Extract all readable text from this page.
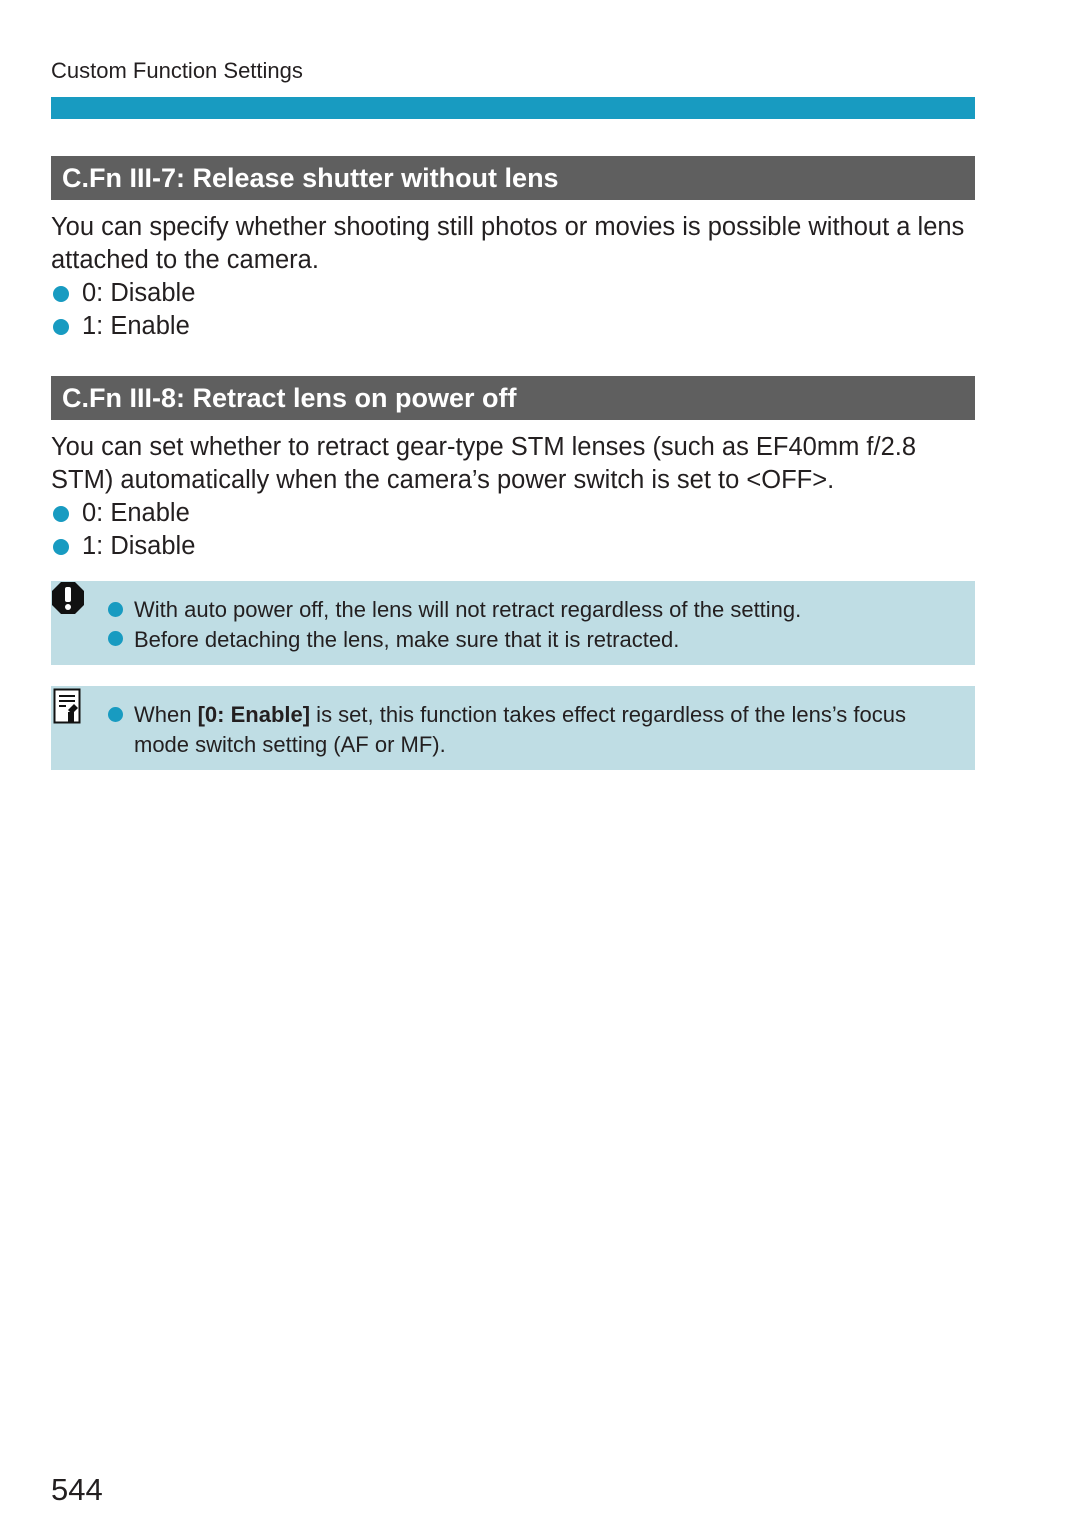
Custom Function Settings
C.Fn III-7: Release shutter without lens
You can specify whether shooting still photos or movies is possible without a lens attached to the camera.
0: Disable
1: Enable
C.Fn III-8: Retract lens on power off
You can set whether to retract gear-type STM lenses (such as EF40mm f/2.8 STM) automatically when the camera’s power switch is set to <OFF>.
0: Enable
1: Disable
With auto power off, the lens will not retract regardless of the setting.
Before detaching the lens, make sure that it is retracted.
When [0: Enable] is set, this function takes effect regardless of the lens’s focus mode switch setting (AF or MF).
544
